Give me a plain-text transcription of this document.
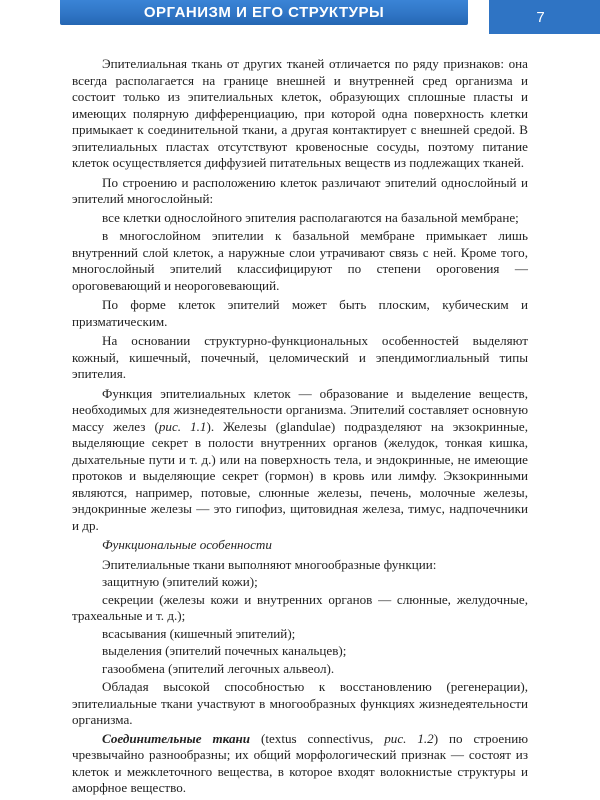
ОРГАНИЗМ И ЕГО СТРУКТУРЫ	7

Эпителиальная ткань от других тканей отличается по ряду признаков: она всегда располагается на границе внешней и внутренней сред организма и состоит только из эпителиальных клеток, образующих сплошные пласты и имеющих полярную дифференциацию, при которой одна поверхность клетки примыкает к соединительной ткани, а другая контактирует с внешней средой. В эпителиальных пластах отсутствуют кровеносные сосуды, поэтому питание клеток осуществляется диффузией питательных веществ из подлежащих тканей.

По строению и расположению клеток различают эпителий однослойный и эпителий многослойный:

все клетки однослойного эпителия располагаются на базальной мембране;

в многослойном эпителии к базальной мембране примыкает лишь внутренний слой клеток, а наружные слои утрачивают связь с ней. Кроме того, многослойный эпителий классифицируют по степени ороговения — ороговевающий и неороговевающий.

По форме клеток эпителий может быть плоским, кубическим и призматическим.

На основании структурно-функциональных особенностей выделяют кожный, кишечный, почечный, целомический и эпендимоглиальный типы эпителия.

Функция эпителиальных клеток — образование и выделение веществ, необходимых для жизнедеятельности организма. Эпителий составляет основную массу желез (рис. 1.1). Железы (glandulae) подразделяют на экзокринные, выделяющие секрет в полости внутренних органов (желудок, тонкая кишка, дыхательные пути и т. д.) или на поверхность тела, и эндокринные, не имеющие протоков и выделяющие секрет (гормон) в кровь или лимфу. Экзокринными являются, например, потовые, слюнные железы, печень, молочные железы, эндокринные железы — это гипофиз, щитовидная железа, тимус, надпочечники и др.

Функциональные особенности

Эпителиальные ткани выполняют многообразные функции:

защитную (эпителий кожи);

секреции (железы кожи и внутренних органов — слюнные, желудочные, трахеальные и т. д.);

всасывания (кишечный эпителий);

выделения (эпителий почечных канальцев);

газообмена (эпителий легочных альвеол).

Обладая высокой способностью к восстановлению (регенерации), эпителиальные ткани участвуют в многообразных функциях жизнедеятельности организма.

Соединительные ткани (textus connectivus, рис. 1.2) по строению чрезвычайно разнообразны; их общий морфологический признак — состоят из клеток и межклеточного вещества, в которое входят волокнистые структуры и аморфное вещество.
